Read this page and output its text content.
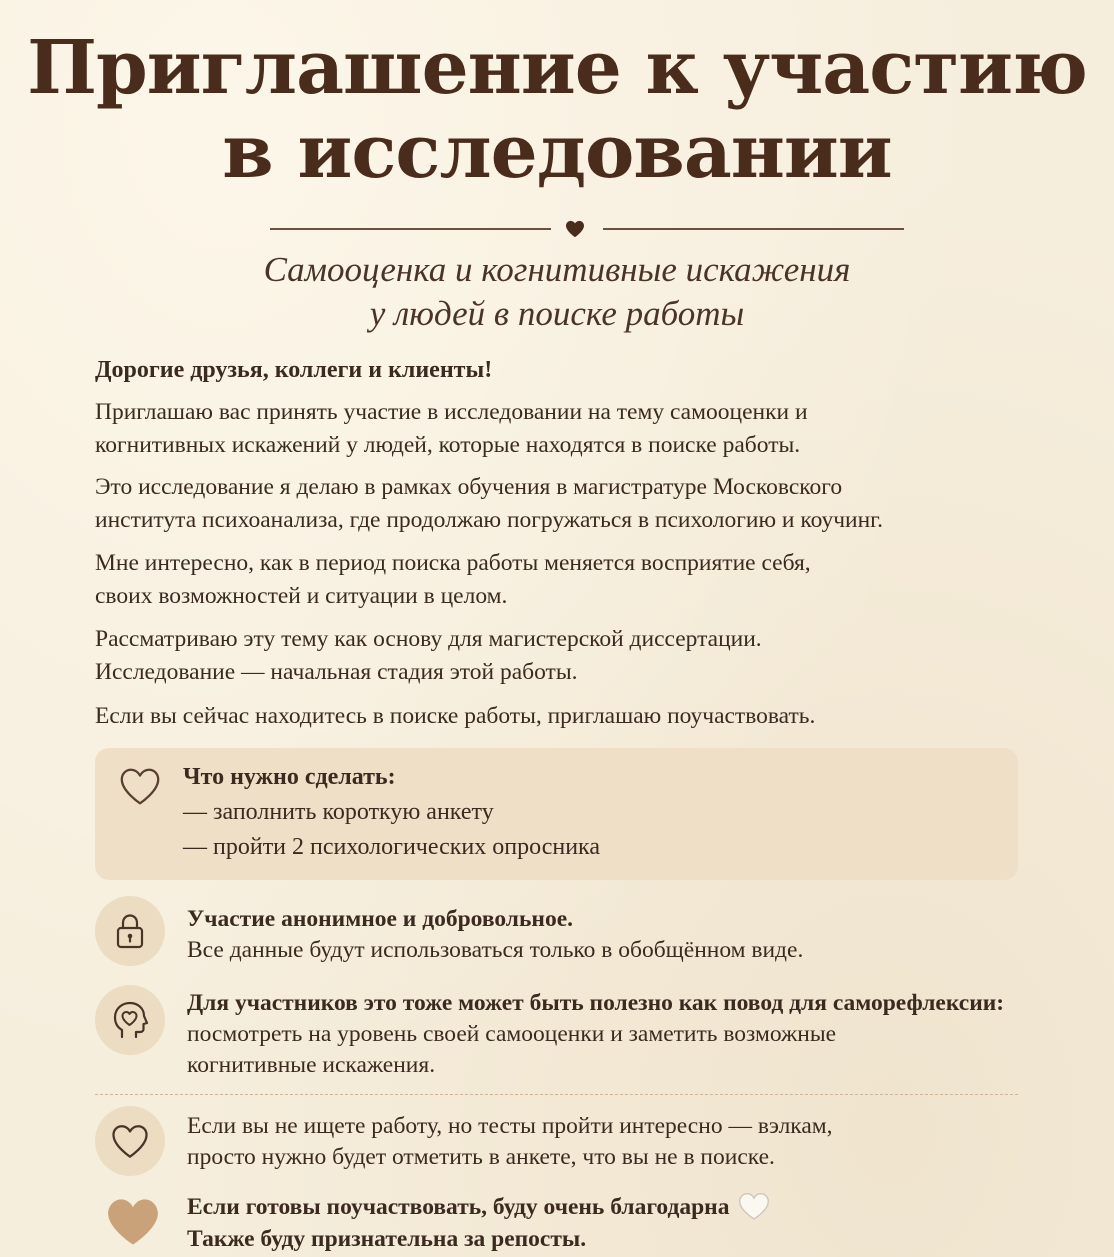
Приглашение к участию
в исследовании
Самооценка и когнитивные искажения
у людей в поиске работы
Дорогие друзья, коллеги и клиенты!
Приглашаю вас принять участие в исследовании на тему самооценки и
когнитивных искажений у людей, которые находятся в поиске работы.
Это исследование я делаю в рамках обучения в магистратуре Московского
института психоанализа, где продолжаю погружаться в психологию и коучинг.
Мне интересно, как в период поиска работы меняется восприятие себя,
своих возможностей и ситуации в целом.
Рассматриваю эту тему как основу для магистерской диссертации.
Исследование — начальная стадия этой работы.
Если вы сейчас находитесь в поиске работы, приглашаю поучаствовать.
Что нужно сделать:
— заполнить короткую анкету
— пройти 2 психологических опросника
Участие анонимное и добровольное.
Все данные будут использоваться только в обобщённом виде.
Для участников это тоже может быть полезно как повод для саморефлексии:
посмотреть на уровень своей самооценки и заметить возможные
когнитивные искажения.
Если вы не ищете работу, но тесты пройти интересно — вэлкам,
просто нужно будет отметить в анкете, что вы не в поиске.
Если готовы поучаствовать, буду очень благодарна
Также буду признательна за репосты.
